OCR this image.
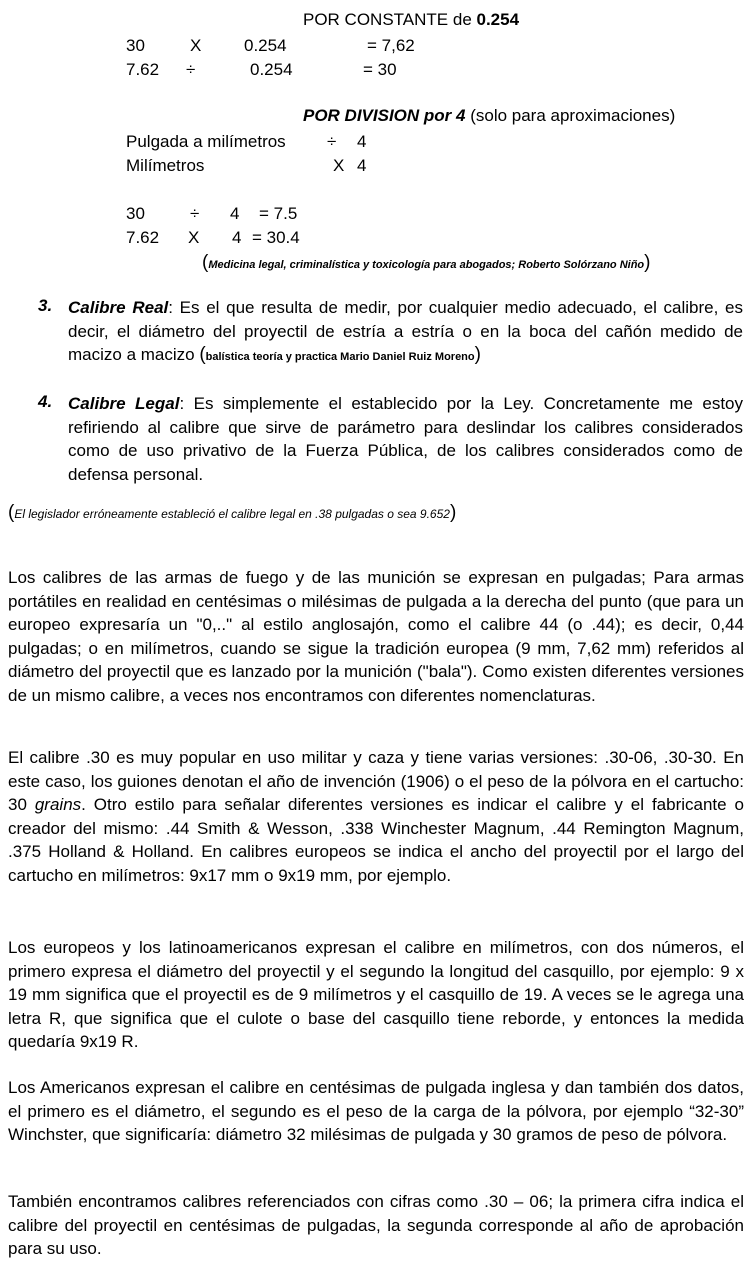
POR CONSTANTE de 0.254
30	X	0.254	= 7,62
7.62 ÷	0.254	= 30
POR DIVISION por 4 (solo para aproximaciones)
Pulgada a milímetros ÷ 4
Milímetros	X 4
30	÷ 4 = 7.5
7.62 X 4 = 30.4
(Medicina legal, criminalística y toxicología para abogados; Roberto Solórzano Niño)
3. Calibre Real: Es el que resulta de medir, por cualquier medio adecuado, el calibre, es decir, el diámetro del proyectil de estría a estría o en la boca del cañón medido de macizo a macizo (balística teoría y practica Mario Daniel Ruiz Moreno)
4. Calibre Legal: Es simplemente el establecido por la Ley. Concretamente me estoy refiriendo al calibre que sirve de parámetro para deslindar los calibres considerados como de uso privativo de la Fuerza Pública, de los calibres considerados como de defensa personal.
(El legislador erróneamente estableció el calibre legal en .38 pulgadas o sea 9.652)
Los calibres de las armas de fuego y de las munición se expresan en pulgadas; Para armas portátiles en realidad en centésimas o milésimas de pulgada a la derecha del punto (que para un europeo expresaría un "0,.." al estilo anglosajón, como el calibre 44 (o .44); es decir, 0,44 pulgadas; o en milímetros, cuando se sigue la tradición europea (9 mm, 7,62 mm) referidos al diámetro del proyectil que es lanzado por la munición ("bala"). Como existen diferentes versiones de un mismo calibre, a veces nos encontramos con diferentes nomenclaturas.
El calibre .30 es muy popular en uso militar y caza y tiene varias versiones: .30-06, .30-30. En este caso, los guiones denotan el año de invención (1906) o el peso de la pólvora en el cartucho: 30 grains. Otro estilo para señalar diferentes versiones es indicar el calibre y el fabricante o creador del mismo: .44 Smith & Wesson, .338 Winchester Magnum, .44 Remington Magnum, .375 Holland & Holland. En calibres europeos se indica el ancho del proyectil por el largo del cartucho en milímetros: 9x17 mm o 9x19 mm, por ejemplo.
Los europeos y los latinoamericanos expresan el calibre en milímetros, con dos números, el primero expresa el diámetro del proyectil y el segundo la longitud del casquillo, por ejemplo: 9 x 19 mm significa que el proyectil es de 9 milímetros y el casquillo de 19. A veces se le agrega una letra R, que significa que el culote o base del casquillo tiene reborde, y entonces la medida quedaría 9x19 R.
Los Americanos expresan el calibre en centésimas de pulgada inglesa y dan también dos datos, el primero es el diámetro, el segundo es el peso de la carga de la pólvora, por ejemplo “32-30” Winchster, que significaría: diámetro 32 milésimas de pulgada y 30 gramos de peso de pólvora.
También encontramos calibres referenciados con cifras como .30 – 06; la primera cifra indica el calibre del proyectil en centésimas de pulgadas, la segunda corresponde al año de aprobación para su uso.
